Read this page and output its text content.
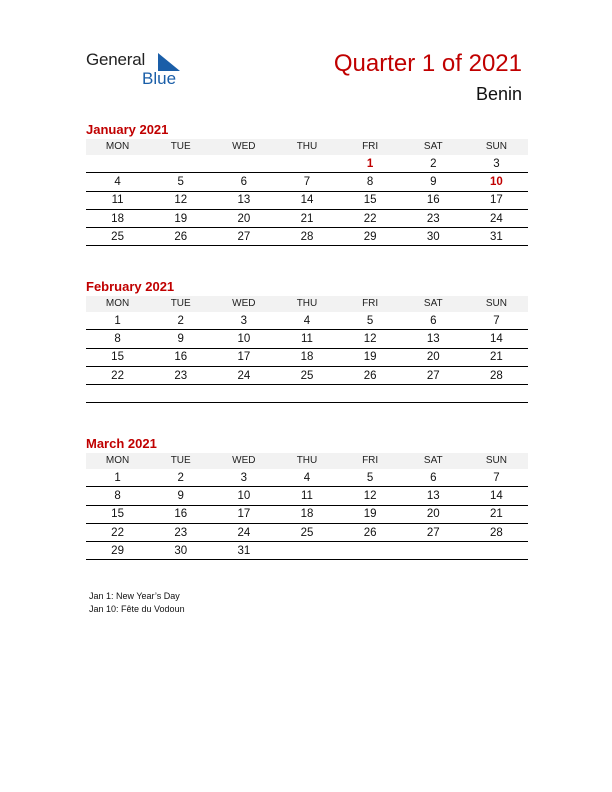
General
Blue
Quarter 1 of 2021
Benin
January 2021
MON	TUE	WED	THU	FRI	SAT	SUN
				1	2	3
4	5	6	7	8	9	10
11	12	13	14	15	16	17
18	19	20	21	22	23	24
25	26	27	28	29	30	31
February 2021
MON	TUE	WED	THU	FRI	SAT	SUN
1	2	3	4	5	6	7
8	9	10	11	12	13	14
15	16	17	18	19	20	21
22	23	24	25	26	27	28

March 2021
MON	TUE	WED	THU	FRI	SAT	SUN
1	2	3	4	5	6	7
8	9	10	11	12	13	14
15	16	17	18	19	20	21
22	23	24	25	26	27	28
29	30	31				
Jan 1: New Year’s Day
Jan 10: Fête du Vodoun
